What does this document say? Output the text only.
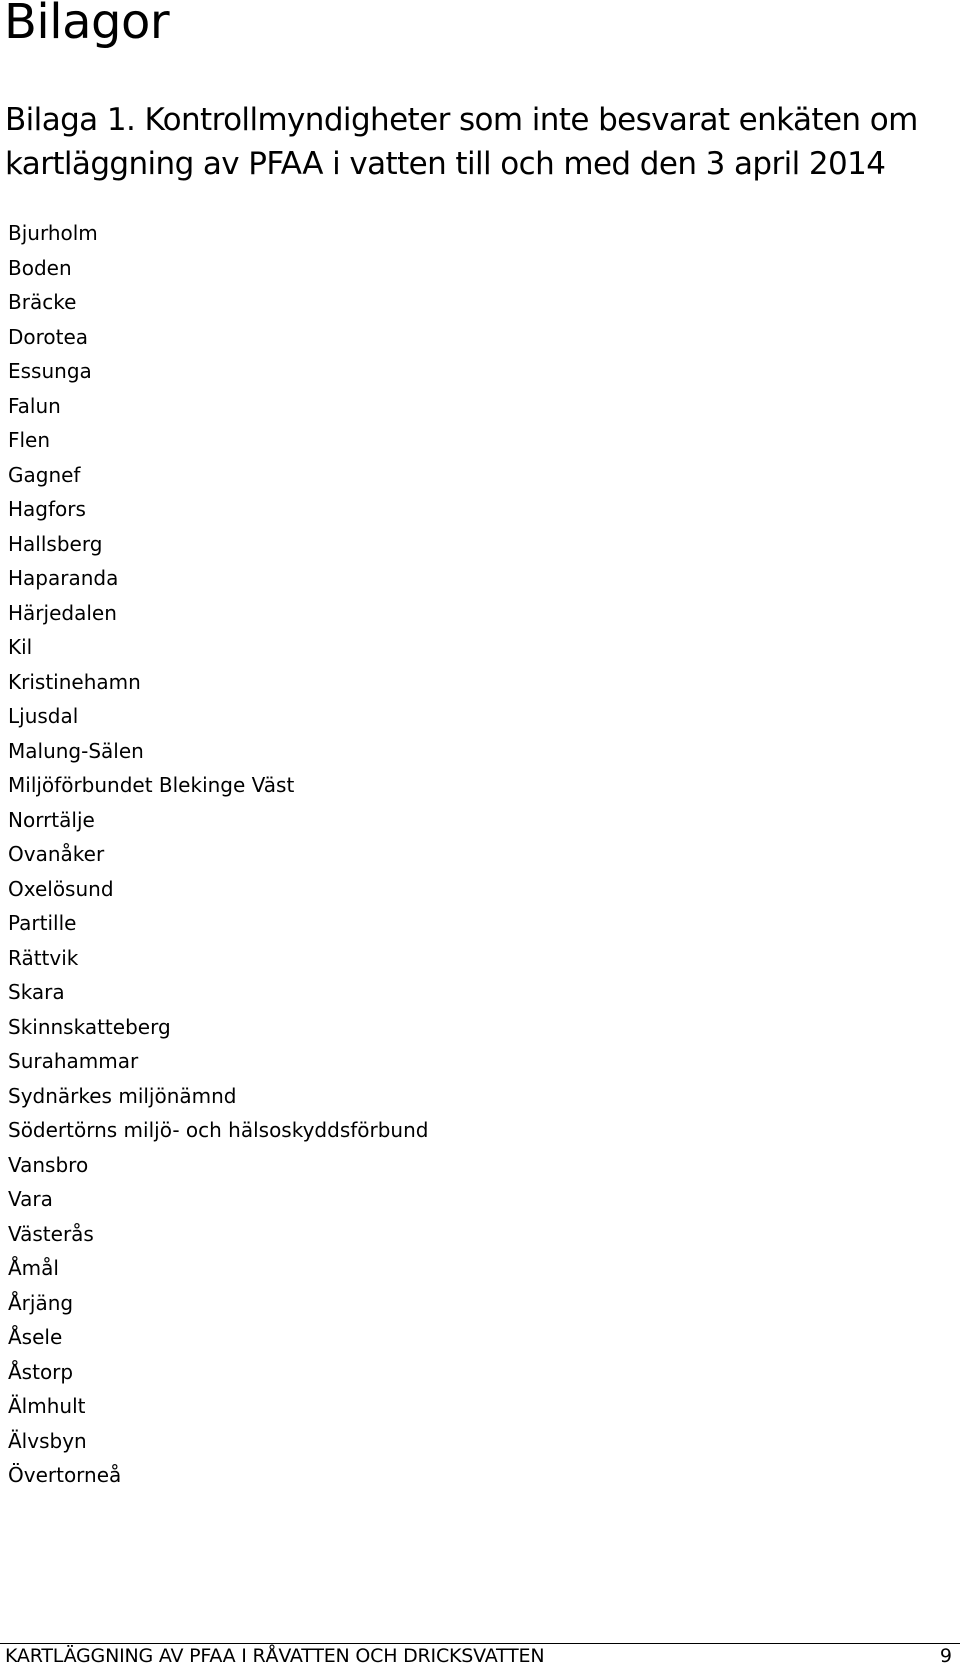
Bilagor
Bilaga 1. Kontrollmyndigheter som inte besvarat enkäten om kartläggning av PFAA i vatten till och med den 3 april 2014
Bjurholm
Boden
Bräcke
Dorotea
Essunga
Falun
Flen
Gagnef
Hagfors
Hallsberg
Haparanda
Härjedalen
Kil
Kristinehamn
Ljusdal
Malung-Sälen
Miljöförbundet Blekinge Väst
Norrtälje
Ovanåker
Oxelösund
Partille
Rättvik
Skara
Skinnskatteberg
Surahammar
Sydnärkes miljönämnd
Södertörns miljö- och hälsoskyddsförbund
Vansbro
Vara
Västerås
Åmål
Årjäng
Åsele
Åstorp
Älmhult
Älvsbyn
Övertorneå
KARTLÄGGNING AV PFAA I RÅVATTEN OCH DRICKSVATTEN	9
